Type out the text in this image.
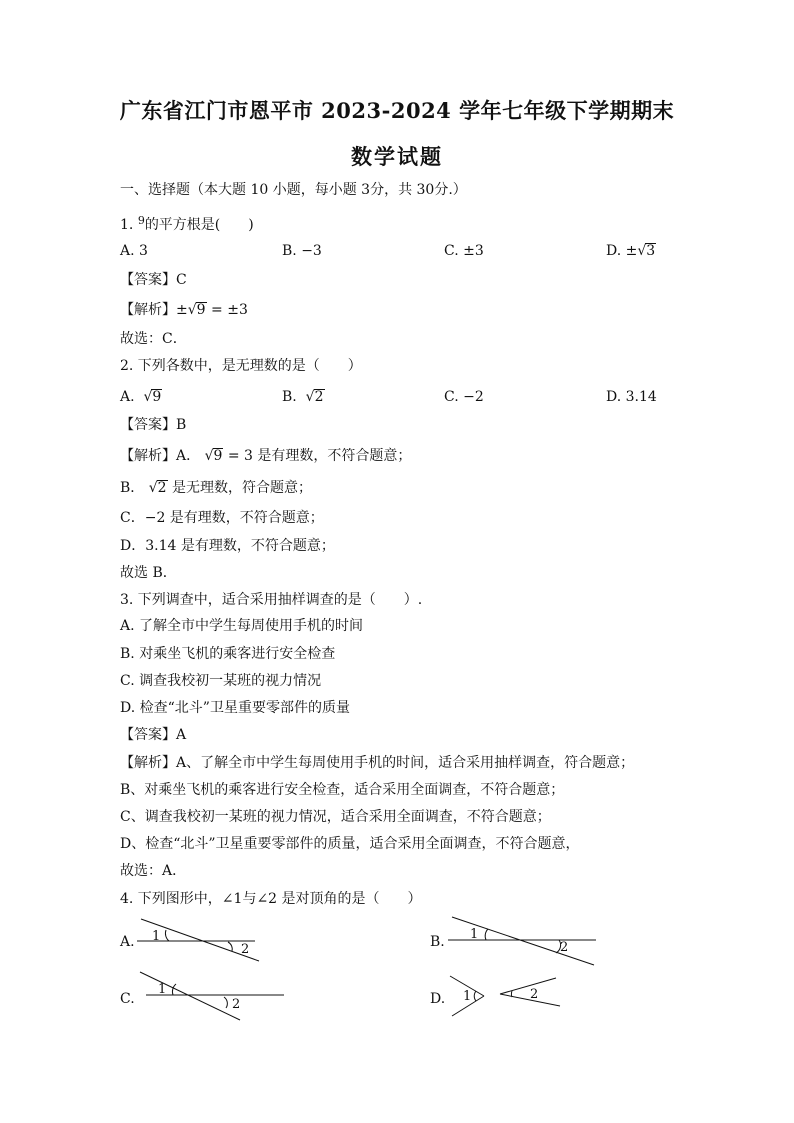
广东省江门市恩平市 2023-2024 学年七年级下学期期末
数学试题
一、选择题（本大题 10 小题，每小题 3分，共 30分.）
1. $^9$的平方根是(　　)
A. 3	B. −3	C. ±3	D. ±√3
【答案】C
【解析】±√9 = ±3
故选：C．
2. 下列各数中，是无理数的是（　　）
A.  √9	B.  √2	C. −2	D. 3.14
【答案】B
【解析】A． √9 = 3 是有理数，不符合题意；
B． √2 是无理数，符合题意；
C．−2 是有理数，不符合题意；
D．3.14 是有理数，不符合题意；
故选 B．
3. 下列调查中，适合采用抽样调查的是（　　）.
A. 了解全市中学生每周使用手机的时间
B. 对乘坐飞机的乘客进行安全检查
C. 调查我校初一某班的视力情况
D. 检查“北斗”卫星重要零部件的质量
【答案】A
【解析】A、了解全市中学生每周使用手机的时间，适合采用抽样调查，符合题意；
B、对乘坐飞机的乘客进行安全检查，适合采用全面调查，不符合题意；
C、调查我校初一某班的视力情况，适合采用全面调查，不符合题意；
D、检查“北斗”卫星重要零部件的质量，适合采用全面调查，不符合题意，
故选：A．
4. 下列图形中，∠1与∠2 是对顶角的是（　　）
A. 1
2	B. 1
2
C.
1
2	D. 1	2
